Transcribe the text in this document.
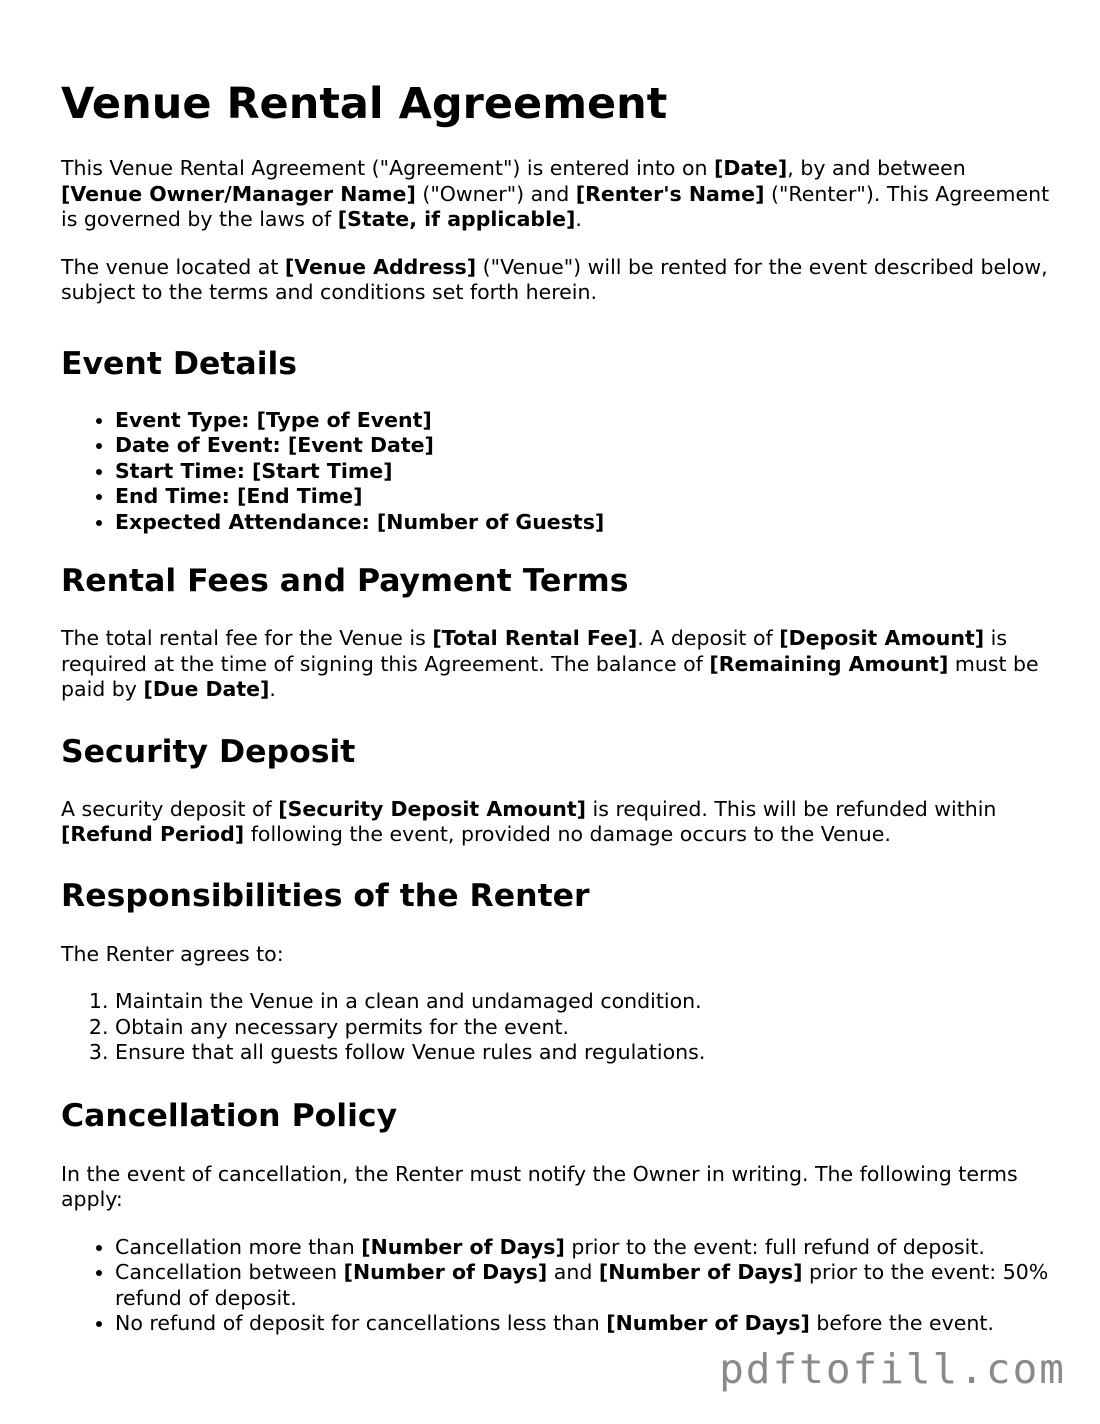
Venue Rental Agreement

This Venue Rental Agreement ("Agreement") is entered into on [Date], by and between [Venue Owner/Manager Name] ("Owner") and [Renter's Name] ("Renter"). This Agreement is governed by the laws of [State, if applicable].

The venue located at [Venue Address] ("Venue") will be rented for the event described below, subject to the terms and conditions set forth herein.

Event Details
• Event Type: [Type of Event]
• Date of Event: [Event Date]
• Start Time: [Start Time]
• End Time: [End Time]
• Expected Attendance: [Number of Guests]
Rental Fees and Payment Terms

The total rental fee for the Venue is [Total Rental Fee]. A deposit of [Deposit Amount] is required at the time of signing this Agreement. The balance of [Remaining Amount] must be paid by [Due Date].

Security Deposit

A security deposit of [Security Deposit Amount] is required. This will be refunded within [Refund Period] following the event, provided no damage occurs to the Venue.

Responsibilities of the Renter

The Renter agrees to:

1. Maintain the Venue in a clean and undamaged condition.
2. Obtain any necessary permits for the event.
3. Ensure that all guests follow Venue rules and regulations.
Cancellation Policy

In the event of cancellation, the Renter must notify the Owner in writing. The following terms apply:

• Cancellation more than [Number of Days] prior to the event: full refund of deposit.
• Cancellation between [Number of Days] and [Number of Days] prior to the event: 50% refund of deposit.
• No refund of deposit for cancellations less than [Number of Days] before the event.
pdftofill.com
